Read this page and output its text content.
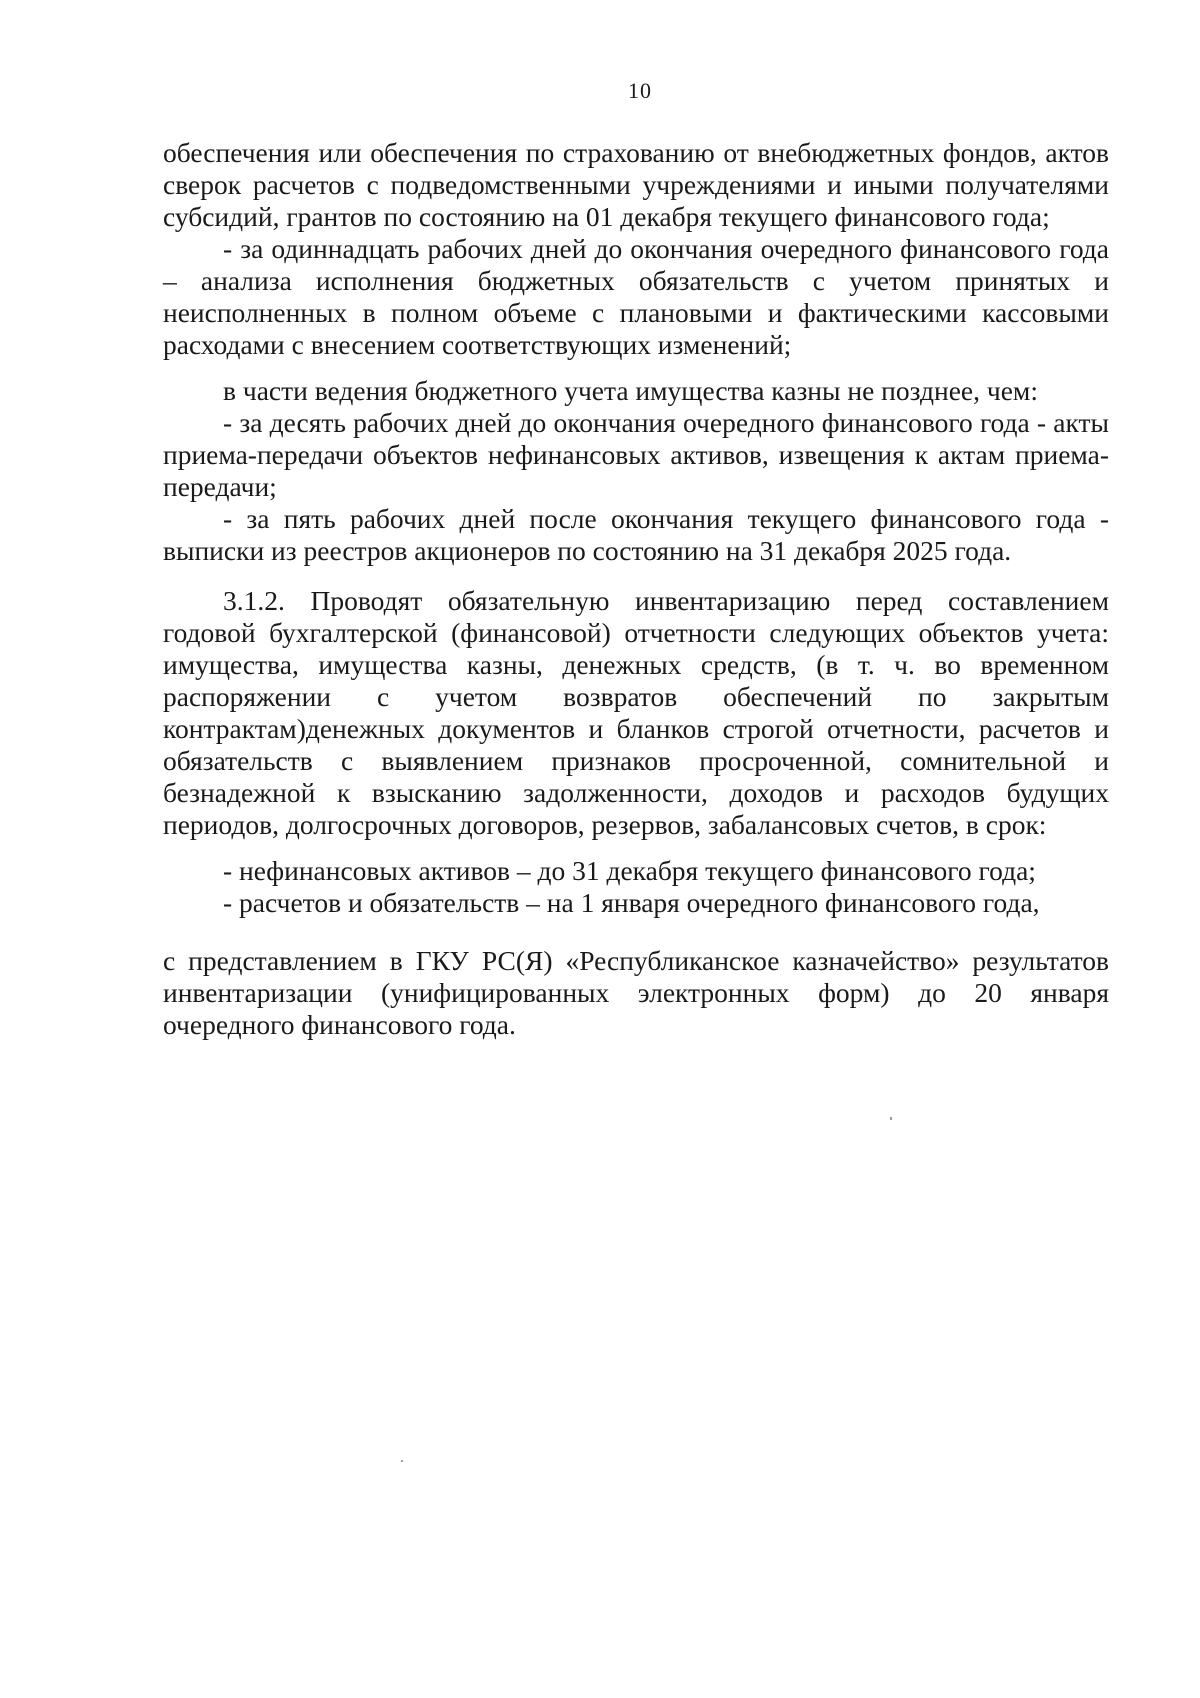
10

обеспечения или обеспечения по страхованию от внебюджетных фондов, актов сверок расчетов с подведомственными учреждениями и иными получателями субсидий, грантов по состоянию на 01 декабря текущего финансового года;

- за одиннадцать рабочих дней до окончания очередного финансового года – анализа исполнения бюджетных обязательств с учетом принятых и неисполненных в полном объеме с плановыми и фактическими кассовыми расходами с внесением соответствующих изменений;

в части ведения бюджетного учета имущества казны не позднее, чем:

- за десять рабочих дней до окончания очередного финансового года - акты приема-передачи объектов нефинансовых активов, извещения к актам приема-передачи;

- за пять рабочих дней после окончания текущего финансового года - выписки из реестров акционеров по состоянию на 31 декабря 2025 года.

3.1.2. Проводят обязательную инвентаризацию перед составлением годовой бухгалтерской (финансовой) отчетности следующих объектов учета: имущества, имущества казны, денежных средств, (в т. ч. во временном распоряжении с учетом возвратов обеспечений по закрытым контрактам)денежных документов и бланков строгой отчетности, расчетов и обязательств с выявлением признаков просроченной, сомнительной и безнадежной к взысканию задолженности, доходов и расходов будущих периодов, долгосрочных договоров, резервов, забалансовых счетов, в срок:

- нефинансовых активов – до 31 декабря текущего финансового года;

- расчетов и обязательств – на 1 января очередного финансового года,

с представлением в ГКУ РС(Я) «Республиканское казначейство» результатов инвентаризации (унифицированных электронных форм) до 20 января очередного финансового года.
